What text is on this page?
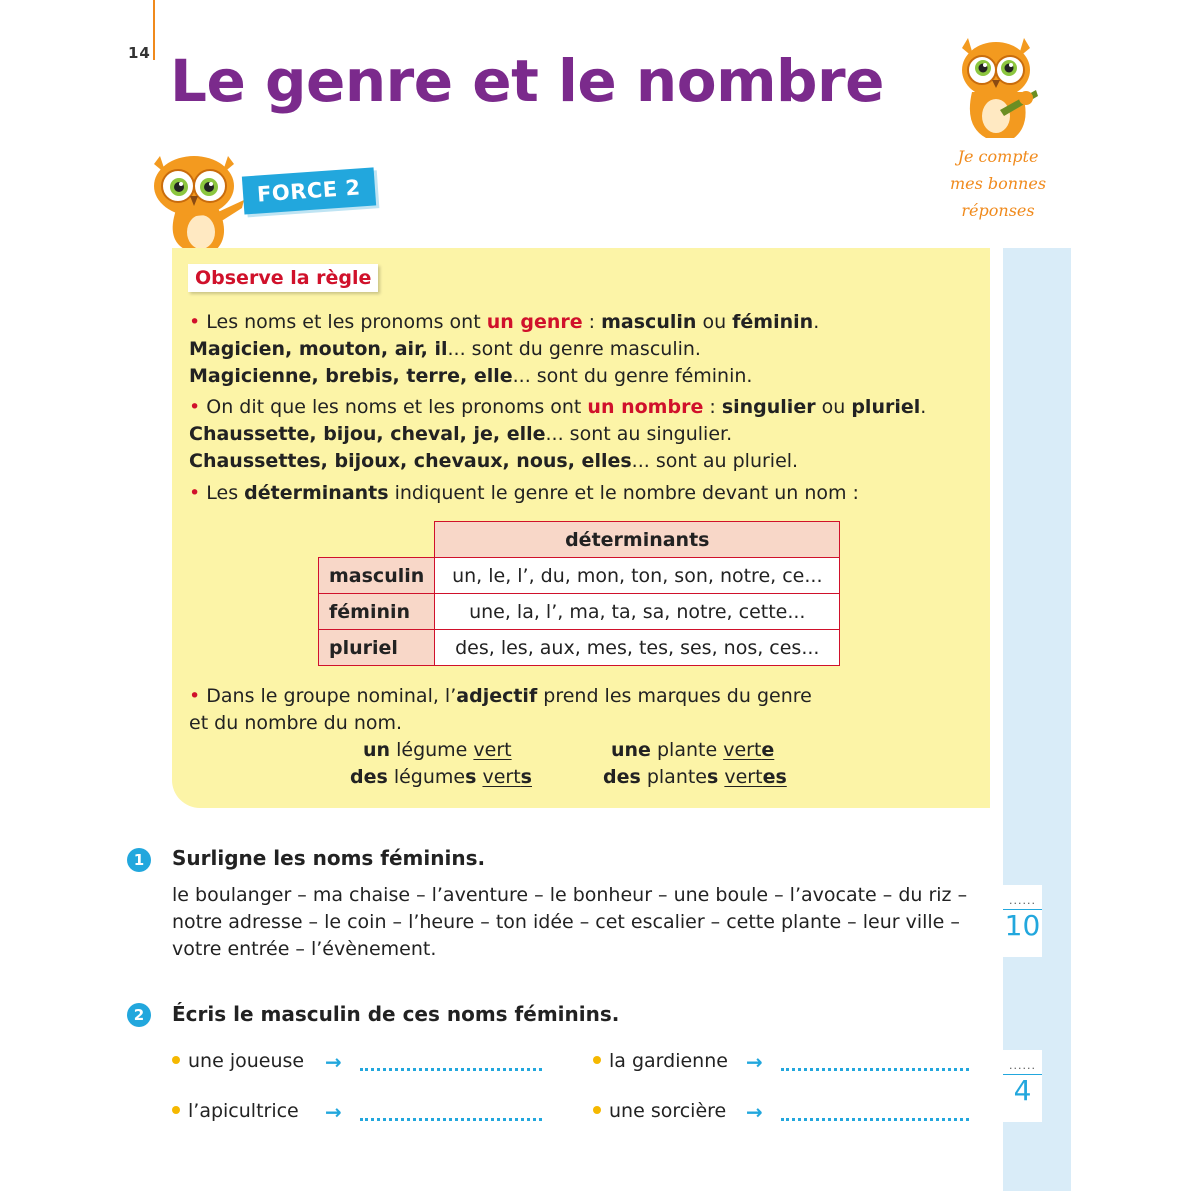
14 Le genre et le nombre
FORCE 2
Je compte
mes bonnes
réponses
Observe la règle
• Les noms et les pronoms ont un genre : masculin ou féminin.
Magicien, mouton, air, il... sont du genre masculin.
Magicienne, brebis, terre, elle... sont du genre féminin.
• On dit que les noms et les pronoms ont un nombre : singulier ou pluriel.
Chaussette, bijou, cheval, je, elle... sont au singulier.
Chaussettes, bijoux, chevaux, nous, elles... sont au pluriel.
• Les déterminants indiquent le genre et le nombre devant un nom :
	déterminants
masculin	un, le, l’, du, mon, ton, son, notre, ce...
féminin	une, la, l’, ma, ta, sa, notre, cette...
pluriel	des, les, aux, mes, tes, ses, nos, ces...
• Dans le groupe nominal, l’adjectif prend les marques du genre
et du nombre du nom.
un légume vert
des légumes verts
une plante verte
des plantes vertes
1	Surligne les noms féminins.
le boulanger – ma chaise – l’aventure – le bonheur – une boule – l’avocate – du riz –
notre adresse – le coin – l’heure – ton idée – cet escalier – cette plante – leur ville –
votre entrée – l’évènement.
......
10
2	Écris le masculin de ces noms féminins.
une joueuse →	la gardienne →
l’apicultrice →	une sorcière →
......
4
